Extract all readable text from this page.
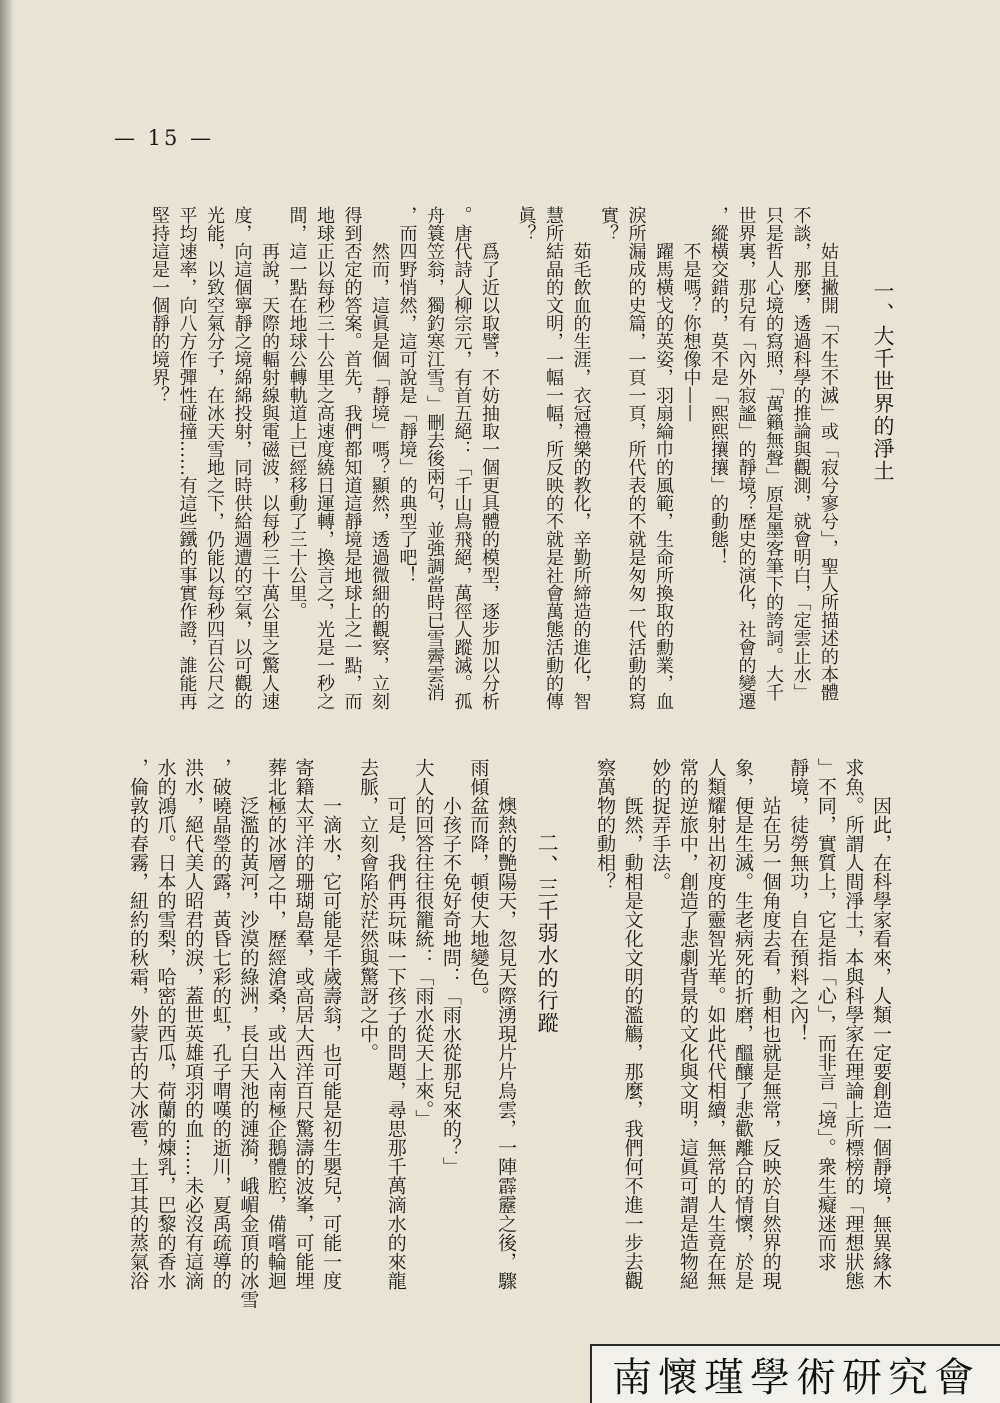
— 15 —
一、大千世界的淨土
姑且撇開「不生不滅」或「寂兮寥兮」，聖人所描述的本體
不談，那麼，透過科學的推論與觀測，就會明白，「定雲止水」
只是哲人心境的寫照，「萬籟無聲」原是墨客筆下的誇詞。大千
世界裏，那兒有「內外寂謐」的靜境？歷史的演化，社會的變遷
，縱橫交錯的，莫不是「熙熙攘攘」的動態！
不是嗎？你想像中——
躍馬橫戈的英姿，羽扇綸巾的風範，生命所換取的勳業，血
淚所漏成的史篇，一頁一頁，所代表的不就是匆匆一代活動的寫
實？
茹毛飲血的生涯，衣冠禮樂的教化，辛勤所締造的進化，智
慧所結晶的文明，一幅一幅，所反映的不就是社會萬態活動的傳
眞？
爲了近以取譬，不妨抽取一個更具體的模型，逐步加以分析
。唐代詩人柳宗元，有首五絕：「千山鳥飛絕，萬徑人蹤滅。孤
舟簑笠翁，獨釣寒江雪。」刪去後兩句，並強調當時已雪霽雲消
，而四野悄然，這可說是「靜境」的典型了吧！
然而，這眞是個「靜境」嗎？顯然，透過微細的觀察，立刻
得到否定的答案。首先，我們都知道這靜境是地球上之一點，而
地球正以每秒三十公里之高速度繞日運轉，換言之，光是一秒之
間，這一點在地球公轉軌道上已經移動了三十公里。
再說，天際的輻射線與電磁波，以每秒三十萬公里之驚人速
度，向這個寧靜之境綿綿投射，同時供給週遭的空氣，以可觀的
光能，以致空氣分子，在冰天雪地之下，仍能以每秒四百公尺之
平均速率，向八方作彈性碰撞……有這些鐵的事實作證，誰能再
堅持這是一個靜的境界？
因此，在科學家看來，人類一定要創造一個靜境，無異緣木
求魚。所謂人間淨土，本與科學家在理論上所標榜的「理想狀態
」不同，實質上，它是指「心」，而非言「境」。衆生癡迷而求
靜境，徒勞無功，自在預料之內！
站在另一個角度去看，動相也就是無常，反映於自然界的現
象，便是生滅。生老病死的折磨，醞釀了悲歡離合的情懷，於是
人類耀射出初度的靈智光華。如此代代相續，無常的人生竟在無
常的逆旅中，創造了悲劇背景的文化與文明，這眞可謂是造物絕
妙的捉弄手法。
旣然，動相是文化文明的濫觴，那麼，我們何不進一步去觀
察萬物的動相？
二、三千弱水的行蹤
燠熱的艷陽天，忽見天際湧現片片烏雲，一陣霹靂之後，驟
雨傾盆而降，頓使大地變色。
小孩子不免好奇地問：「雨水從那兒來的？」
大人的回答往往很籠統：「雨水從天上來。」
可是，我們再玩味一下孩子的問題，尋思那千萬滴水的來龍
去脈，立刻會陷於茫然與驚訝之中。
一滴水，它可能是千歲壽翁，也可能是初生嬰兒，可能一度
寄籍太平洋的珊瑚島羣，或高居大西洋百尺驚濤的波峯，可能埋
葬北極的冰層之中，歷經滄桑，或出入南極企鵝體腔，備嚐輪迴
泛濫的黃河，沙漠的綠洲，長白天池的漣漪，峨嵋金頂的冰雪
，破曉晶瑩的露，黃昏七彩的虹，孔子喟嘆的逝川，夏禹疏導的
洪水，絕代美人昭君的淚，蓋世英雄項羽的血……未必沒有這滴
水的鴻爪。日本的雪梨，哈密的西瓜，荷蘭的煉乳，巴黎的香水
，倫敦的春霧，紐約的秋霜，外蒙古的大冰雹，土耳其的蒸氣浴
南懷瑾學術研究會
